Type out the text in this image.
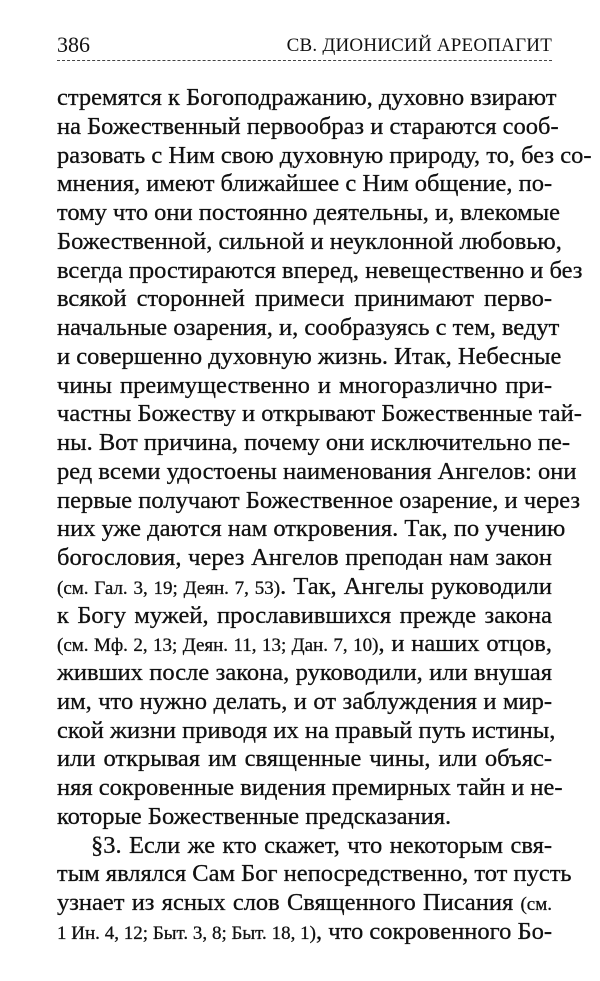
386	СВ. ДИОНИСИЙ АРЕОПАГИТ
стремятся к Богоподражанию, духовно взирают
на Божественный первообраз и стараются сооб-
разовать с Ним свою духовную природу, то, без со-
мнения, имеют ближайшее с Ним общение, по-
тому что они постоянно деятельны, и, влекомые
Божественной, сильной и неуклонной любовью,
всегда простираются вперед, невещественно и без
всякой сторонней примеси принимают перво-
начальные озарения, и, сообразуясь с тем, ведут
и совершенно духовную жизнь. Итак, Небесные
чины преимущественно и многоразлично при-
частны Божеству и открывают Божественные тай-
ны. Вот причина, почему они исключительно пе-
ред всеми удостоены наименования Ангелов: они
первые получают Божественное озарение, и через
них уже даются нам откровения. Так, по учению
богословия, через Ангелов преподан нам закон
(см. Гал. 3, 19; Деян. 7, 53). Так, Ангелы руководили
к Богу мужей, прославившихся прежде закона
(см. Мф. 2, 13; Деян. 11, 13; Дан. 7, 10), и наших отцов,
живших после закона, руководили, или внушая
им, что нужно делать, и от заблуждения и мир-
ской жизни приводя их на правый путь истины,
или открывая им священные чины, или объяс-
няя сокровенные видения премирных тайн и не-
которые Божественные предсказания.
§3. Если же кто скажет, что некоторым свя-
тым являлся Сам Бог непосредственно, тот пусть
узнает из ясных слов Священного Писания (см.
1 Ин. 4, 12; Быт. 3, 8; Быт. 18, 1), что сокровенного Бо-
